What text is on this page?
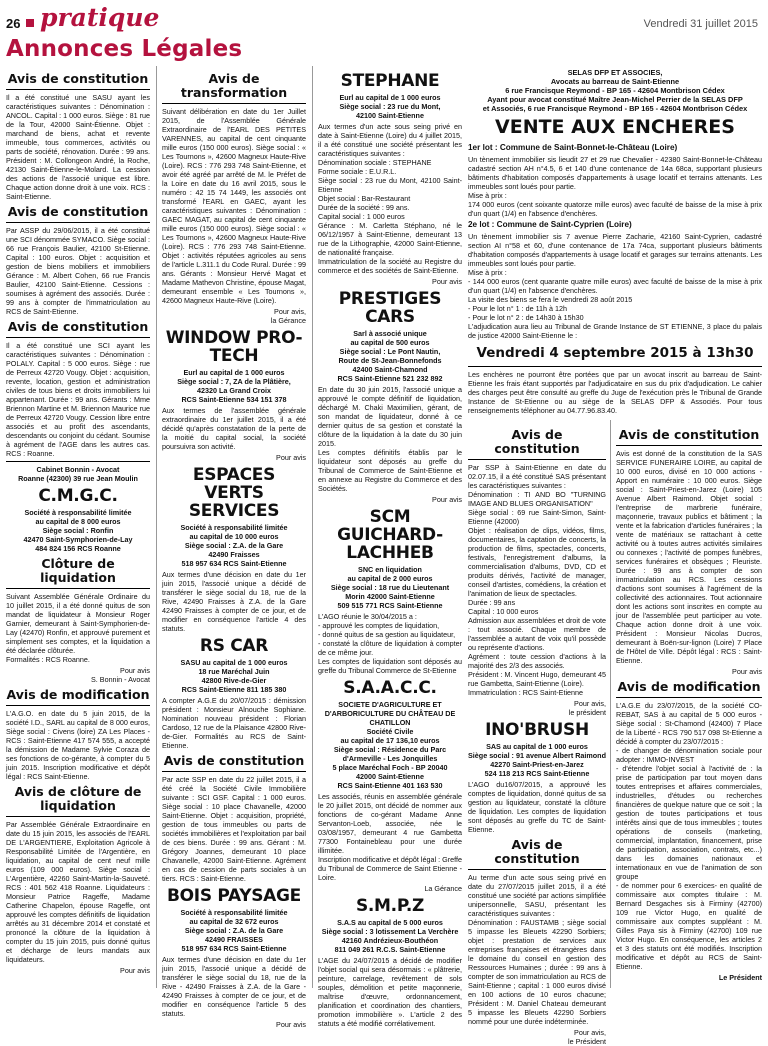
26 pratique	Vendredi 31 juillet 2015
Annonces Légales
Avis de constitution

Il a été constitué une SASU ayant les caractéristiques suivantes : Dénomination : ANCOL. Capital : 1 000 euros. Siège : 81 rue de la Tour, 42000 Saint-Étienne. Objet : marchand de biens, achat et revente immeuble, tous commerces, activités ou parts de société, rénovation. Durée : 99 ans. Président : M. Collongeon André, la Roche, 42130 Saint-Étienne-le-Molard. La cession des actions de l'associé unique est libre. Chaque action donne droit à une voix. RCS : Saint-Etienne.

Avis de constitution

Par ASSP du 29/06/2015, il a été constitué une SCI dénommée SYMACO. Siège social : 66 rue François Baulier, 42100 St-Etienne. Capital : 100 euros. Objet : acquisition et gestion de biens mobiliers et immobiliers Gérance : M. Albert Cohen, 66 rue Francis Baulier, 42100 Saint-Etienne. Cessions : soumises à agrément des associés. Durée : 99 ans à compter de l'immatriculation au RCS de Saint-Etienne.

Avis de constitution

Il a été constitué une SCI ayant les caractéristiques suivantes : Dénomination : POLALY. Capital : 5 000 euros. Siège : rue de Perreux 42720 Vougy. Objet : acquisition, revente, location, gestion et administration civiles de tous biens et droits immobiliers lui appartenant. Durée : 99 ans. Gérants : Mme Briennon Martine et M. Briennon Maurice rue de Perreux 42720 Vougy. Cession libre entre associés et au profit des ascendants, descendants ou conjoint du cédant. Soumise à agrément de l'AGE dans les autres cas. RCS : Roanne.

Cabinet Bonnin - Avocat
Roanne (42300) 39 rue Jean Moulin

C.M.G.C.

Société à responsabilité limitée
au capital de 8 000 euros
Siège social : Ronfin
42470 Saint-Symphorien-de-Lay
484 824 156 RCS Roanne

Clôture de liquidation

Suivant Assemblée Générale Ordinaire du 10 juillet 2015, il a été donné quitus de son mandat de liquidateur à Monsieur Roger Garnier, demeurant à Saint-Symphorien-de-Lay (42470) Ronfin, et approuvé purement et simplement ses comptes, et la liquidation a été déclarée clôturée.
Formalités : RCS Roanne.

Pour avis
S. Bonnin - Avocat

Avis de modification

L'A.G.O. en date du 5 juin 2015, de la société I.D., SARL au capital de 8 000 euros, Siège social : Civens (loire) ZA Les Places - RCS : Saint-Etienne 417 574 555, a accepté la démission de Madame Sylvie Coraza de ses fonctions de co-gérante, à compter du 5 juin 2015. Inscription modificative et dépôt légal : RCS Saint-Etienne.

Avis de clôture de liquidation

Par Assemblée Générale Extraordinaire en date du 15 juin 2015, les associés de l'EARL DE L'ARGENTIERE, Exploitation Agricole à Responsabilité Limitée de l'Argentière, en liquidation, au capital de cent neuf mille euros (109 000 euros). Siège social : L'Argentière, 42260 Saint-Martin-la-Sauveté. RCS : 401 562 418 Roanne. Liquidateurs : Monsieur Patrice Rageffe, Madame Catherine Chapelon, épouse Rageffe, ont approuvé les comptes définitifs de liquidation arrêtés au 31 décembre 2014 et constaté et prononcé la clôture de la liquidation à compter du 15 juin 2015, puis donné quitus et décharge de leurs mandats aux liquidateurs.

Pour avis

Avis de transformation

Suivant délibération en date du 1er Juillet 2015, de l'Assemblée Générale Extraordinaire de l'EARL DES PETITES VARENNES, au capital de cent cinquante mille euros (150 000 euros). Siège social : « Les Tournons », 42600 Magneux Haute-Rive (Loire). RCS : 776 293 748 Saint-Etienne, et avoir été agréé par arrêté de M. le Préfet de la Loire en date du 16 avril 2015, sous le numéro : 42 15 74 1449, les associés ont transformé l'EARL en GAEC, ayant les caractéristiques suivantes : Dénomination : GAEC MAGAT, au capital de cent cinquante mille euros (150 000 euros). Siège social : « Les Tournons », 42600 Magneux Haute-Rive (Loire). RCS : 776 293 748 Saint-Etienne. Objet : activités réputées agricoles au sens de l'article L.311.1 du Code Rural. Durée : 99 ans. Gérants : Monsieur Hervé Magat et Madame Mathevon Christine, épouse Magat, demeurant ensemble « Les Tournons », 42600 Magneux Haute-Rive (Loire).

Pour avis,
la Gérance

WINDOW PRO-TECH

Eurl au capital de 1 000 euros
Siège social : 7, ZA de la Plâtière,
42320 La Grand Croix
RCS Saint-Etienne 534 151 378

Aux termes de l'assemblée générale extraordinaire du 1er juillet 2015, il a été décidé qu'après constatation de la perte de la moitié du capital social, la société poursuivra son activité.

Pour avis

ESPACES VERTS SERVICES

Société à responsabilité limitée
au capital de 10 000 euros
Siège social : Z.A. de la Gare
42490 Fraisses
518 957 634 RCS Saint-Etienne

Aux termes d'une décision en date du 1er juin 2015, l'associé unique a décidé de transférer le siège social du 18, rue de la Rive, 42490 Fraisses à Z.A. de la Gare 42490 Fraisses à compter de ce jour, et de modifier en conséquence l'article 4 des statuts.

RS CAR

SASU au capital de 1 000 euros
18 rue Maréchal Juin
42800 Rive-de-Gier
RCS Saint-Etienne 811 185 380

A compter A.G.E du 20/07/2015 : démission président : Monsieur Alnouche Sophiane. Nomination nouveau président : Florian Cardoso, 12 rue de la Plaisance 42800 Rive-de-Gier. Formalités au RCS de Saint-Etienne.

Avis de constitution

Par acte SSP en date du 22 juillet 2015, il a été créé la Société Civile Immobilière suivante : SCI GSF. Capital : 1 000 euros. Siège social : 10 place Chavanelle, 42000 Saint-Etienne. Objet : acquisition, propriété, gestion de tous immeubles ou parts de sociétés immobilières et l'exploitation par bail de ces biens. Durée : 99 ans. Gérant : M. Grégory Joannes, demeurant 10 place Chavanelle, 42000 Saint-Etienne. Agrément en cas de cession de parts sociales à un tiers. RCS : Saint-Etienne.

BOIS PAYSAGE

Société à responsabilité limitée
au capital de 32 672 euros
Siège social : Z.A. de la Gare
42490 FRAISSES
518 957 634 RCS Saint-Etienne

Aux termes d'une décision en date du 1er juin 2015, l'associé unique a décidé de transférer le siège social du 18, rue de la Rive - 42490 Fraisses à Z.A. de la Gare - 42490 Fraisses à compter de ce jour, et de modifier en conséquence l'article 5 des statuts.

Pour avis

STEPHANE

Eurl au capital de 1 000 euros
Siège social : 23 rue du Mont,
42100 Saint-Etienne

Aux termes d'un acte sous seing privé en date à Saint-Etienne (Loire) du 4 juillet 2015, il a été constitué une société présentant les caractéristiques suivantes :
Dénomination sociale : STEPHANE
Forme sociale : E.U.R.L.
Siège social : 23 rue du Mont, 42100 Saint-Etienne
Objet social : Bar-Restaurant
Durée de la société : 99 ans.
Capital social : 1 000 euros
Gérance : M. Carletta Stéphano, né le 06/12/1957 à Saint-Etienne, demeurant 13 rue de la Lithographie, 42000 Saint-Etienne, de nationalité française.
Immatriculation de la société au Registre du commerce et des sociétés de Saint-Etienne.

Pour avis

PRESTIGES CARS

Sarl à associé unique
au capital de 500 euros
Siège social : Le Pont Nautin,
Route de St-Jean-Bonnefonds
42400 Saint-Chamond
RCS Saint-Etienne 521 232 892

En date du 30 juin 2015, l'associé unique a approuvé le compte définitif de liquidation, déchargé M. Chaki Maximilien, gérant, de son mandat de liquidateur, donné à ce dernier quitus de sa gestion et constaté la clôture de la liquidation à la date du 30 juin 2015.
Les comptes définitifs établis par le liquidateur sont déposés au greffe du Tribunal de Commerce de Saint-Etienne et en annexe au Registre du Commerce et des Sociétés.

Pour avis

SCM GUICHARD-LACHHEB

SNC en liquidation
au capital de 2 000 euros
Siège social : 18 rue du Lieutenant
Morin 42000 Saint-Etienne
509 515 771 RCS Saint-Etienne

L'AGO réunie le 30/04/2015 a :
- approuvé les comptes de liquidation,
- donné quitus de sa gestion au liquidateur,
- constaté la clôture de liquidation à compter de ce même jour.
Les comptes de liquidation sont déposés au greffe du Tribunal Commerce de St-Etienne

S.A.A.C.C.

SOCIETE D'AGRICULTURE ET D'ARBORICULTURE DU CHÂTEAU DE CHATILLON
Société Civile
au capital de 17 136,10 euros
Siège social : Résidence du Parc d'Armeville - Les Jonquilles
5 place Maréchal Foch - BP 20040
42000 Saint-Etienne
RCS Saint-Etienne 401 163 530

Les associés, réunis en assemblée générale le 20 juillet 2015, ont décidé de nommer aux fonctions de co-gérant Madame Anne Servanton-Loeb, associée, née le 03/08/1957, demeurant 4 rue Gambetta 77300 Fontainebleau pour une durée illimitée.
Inscription modificative et dépôt légal : Greffe du Tribunal de Commerce de Saint Etienne - Loire.

La Gérance

S.M.P.Z

S.A.S au capital de 5 000 euros
Siège social : 3 lotissement La Verchère
42160 Andrézieux-Bouthéon
811 049 261 R.C.S. Saint-Etienne

L'AGE du 24/07/2015 a décidé de modifier l'objet social qui sera désormais : « plâtrerie, peinture, carrelage, revêtement de sols souples, démolition et petite maçonnerie, maîtrise d'œuvre, ordonnancement, planification et coordination des chantiers, promotion immobilière ». L'article 2 des statuts a été modifié corrélativement.

SELAS DFP ET ASSOCIES,
Avocats au barreau de Saint-Etienne
6 rue Francisque Reymond - BP 165 - 42604 Montbrison Cédex
Ayant pour avocat constitué Maître Jean-Michel Perrier de la SELAS DFP
et Associés, 6 rue Francisque Reymond - BP 165 - 42604 Montbrison Cédex

VENTE AUX ENCHERES

1er lot : Commune de Saint-Bonnet-le-Château (Loire)

Un tènement immobilier sis lieudit 27 et 29 rue Chevalier - 42380 Saint-Bonnet-le-Château cadastré section AH n°4.5, 6 et 140 d'une contenance de 14a 68ca, supportant plusieurs bâtiments d'habitation composés d'appartements à usage locatif et terrains attenants. Les immeubles sont loués pour partie.
Mise à prix :
174 000 euros (cent soixante quatorze mille euros) avec faculté de baisse de la mise à prix d'un quart (1/4) en l'absence d'enchères.

2e lot : Commune de Saint-Cyprien (Loire)

Un tènement immobilier sis 7 avenue Pierre Zacharie, 42160 Saint-Cyprien, cadastré section AI n°58 et 60, d'une contenance de 17a 74ca, supportant plusieurs bâtiments d'habitation composés d'appartements à usage locatif et garages sur terrains attenants. Les immeubles sont loués pour partie.
Mise à prix :
- 144 000 euros (cent quarante quatre mille euros) avec faculté de baisse de la mise à prix d'un quart (1/4) en l'absence d'enchères.
La visite des biens se fera le vendredi 28 août 2015
- Pour le lot n° 1 : de 11h à 12h
- Pour le lot n° 2 : de 14h30 à 15h30
L'adjudication aura lieu au Tribunal de Grande Instance de ST ETIENNE, 3 place du palais de justice 42000 Saint-Etienne le :

Vendredi 4 septembre 2015 à 13h30

Les enchères ne pourront être portées que par un avocat inscrit au barreau de Saint-Etienne les frais étant supportés par l'adjudicataire en sus du prix d'adjudication. Le cahier des charges peut être consulté au greffe du Juge de l'exécution près le Tribunal de Grande Instance de St-Etienne ou au siège de la SELAS DFP & Associés. Pour tous renseignements téléphoner au 04.77.96.83.40.

Avis de constitution

Par SSP à Saint-Etienne en date du 02.07.15, il a été constitué SAS présentant les caractéristiques suivantes :
Dénomination : TI AND BO "TURNING IMAGE AND BLUES ORGANISATION"
Siège social : 69 rue Saint-Simon, Saint-Etienne (42000)
Objet : réalisation de clips, vidéos, films, documentaires, la captation de concerts, la production de films, spectacles, concerts, festivals, l'enregistrement d'albums, la commercialisation d'albums, DVD, CD et produits dérivés, l'activité de manager, conseil d'artistes, comédiens, la création et l'animation de lieux de spectacles.
Durée : 99 ans
Capital : 10 000 euros
Admission aux assemblées et droit de vote : tout associé. Chaque membre de l'assemblée a autant de voix qu'il possède ou représente d'actions.
Agrément : toute cession d'actions à la majorité des 2/3 des associés.
Président : M. Vincent Hugo, demeurant 45 rue Gambetta, Saint-Etienne (Loire).
Immatriculation : RCS Saint-Etienne

Pour avis,
le président

INO'BRUSH

SAS au capital de 1 000 euros
Siège social : 91 avenue Albert Raimond
42270 Saint-Priest-en-Jarez
524 118 213 RCS Saint-Etienne

L'AGO du16/07/2015, a approuvé les comptes de liquidation, donné quitus de sa gestion au liquidateur, constaté la clôture de liquidation. Les comptes de liquidation sont déposés au greffe du TC de Saint-Etienne.

Avis de constitution

Au terme d'un acte sous seing privé en date du 27/07/2015 juillet 2015, il a été constitué une société par actions simplifiée unipersonnelle, SASU, présentant les caractéristiques suivantes :
Dénomination : FAUSTAMB ; siège social 5 impasse les Bleuets 42290 Sorbiers; objet : prestation de services aux entreprises françaises et étrangères dans le domaine du conseil en gestion des Ressources Humaines ; durée : 99 ans à compter de son immatriculation au RCS de Saint-Etienne ; capital : 1 000 euros divisé en 100 actions de 10 euros chacune; Président : M. Daniel Chateau demeurant 5 impasse les Bleuets 42290 Sorbiers nommé pour une durée indéterminée.

Pour avis,
le Président

Avis de constitution

Avis est donné de la constitution de la SAS SERVICE FUNERAIRE LOIRE, au capital de 10 000 euros, divisé en 10 000 actions - Apport en numéraire : 10 000 euros. Siège social : Saint-Priest-en-Jarez (Loire) 105 Avenue Albert Raimond. Objet social : l'entreprise de marbrerie funéraire, maçonnerie, travaux publics et bâtiment ; la vente et la fabrication d'articles funéraires ; la vente de matériaux se rattachant à cette activité ou à toutes autres activités similaires ou connexes ; l'activité de pompes funèbres, services funéraires et obsèques ; Fleuriste. Durée : 99 ans à compter de son immatriculation au RCS. Les cessions d'actions sont soumises à l'agrément de la collectivité des actionnaires. Tout actionnaire dont les actions sont inscrites en compte au jour de l'assemblée peut participer au vote. Chaque action donne droit à une voix. Président : Monsieur Nicolas Ducros, demeurant à Boën-sur-lignon (Loire) 7 Place de l'Hôtel de Ville. Dépôt légal : RCS : Saint-Etienne.

Pour avis

Avis de modification

L'A.G.E du 23/07/2015, de la société CO-REBAT, SAS à au capital de 5 000 euros - Siège social : St-Chamond (42400) 7 Place de la Liberté - RCS 790 517 098 St-Etienne a décidé à compter du 23/07/2015 :
- de changer de dénomination sociale pour adopter : IMMO-INVEST
- d'étendre l'objet social à l'activité de : la prise de participation par tout moyen dans toutes entreprises et affaires commerciales, industrielles, d'études ou recherches financières de quelque nature que ce soit ; la gestion de toutes participations et tous intérêts ainsi que de tous immeubles ; toutes opérations de conseils (marketing, commercial, implantation, financement, prise de participation, association, contrats, etc...) dans les domaines nationaux et internationaux en vue de l'animation de son groupe
- de nommer pour 6 exercices- en qualité de commissaire aux comptes titulaire : M. Bernard Desgaches sis à Firminy (42700) 109 rue Victor Hugo, en qualité de commissaire aux comptes suppléant : M. Gilles Paya sis à Firminy (42700) 109 rue Victor Hugo. En conséquence, les articles 2 et 3 des statuts ont été modifiés. Inscription modificative et dépôt au RCS de Saint-Etienne.

Le Président
